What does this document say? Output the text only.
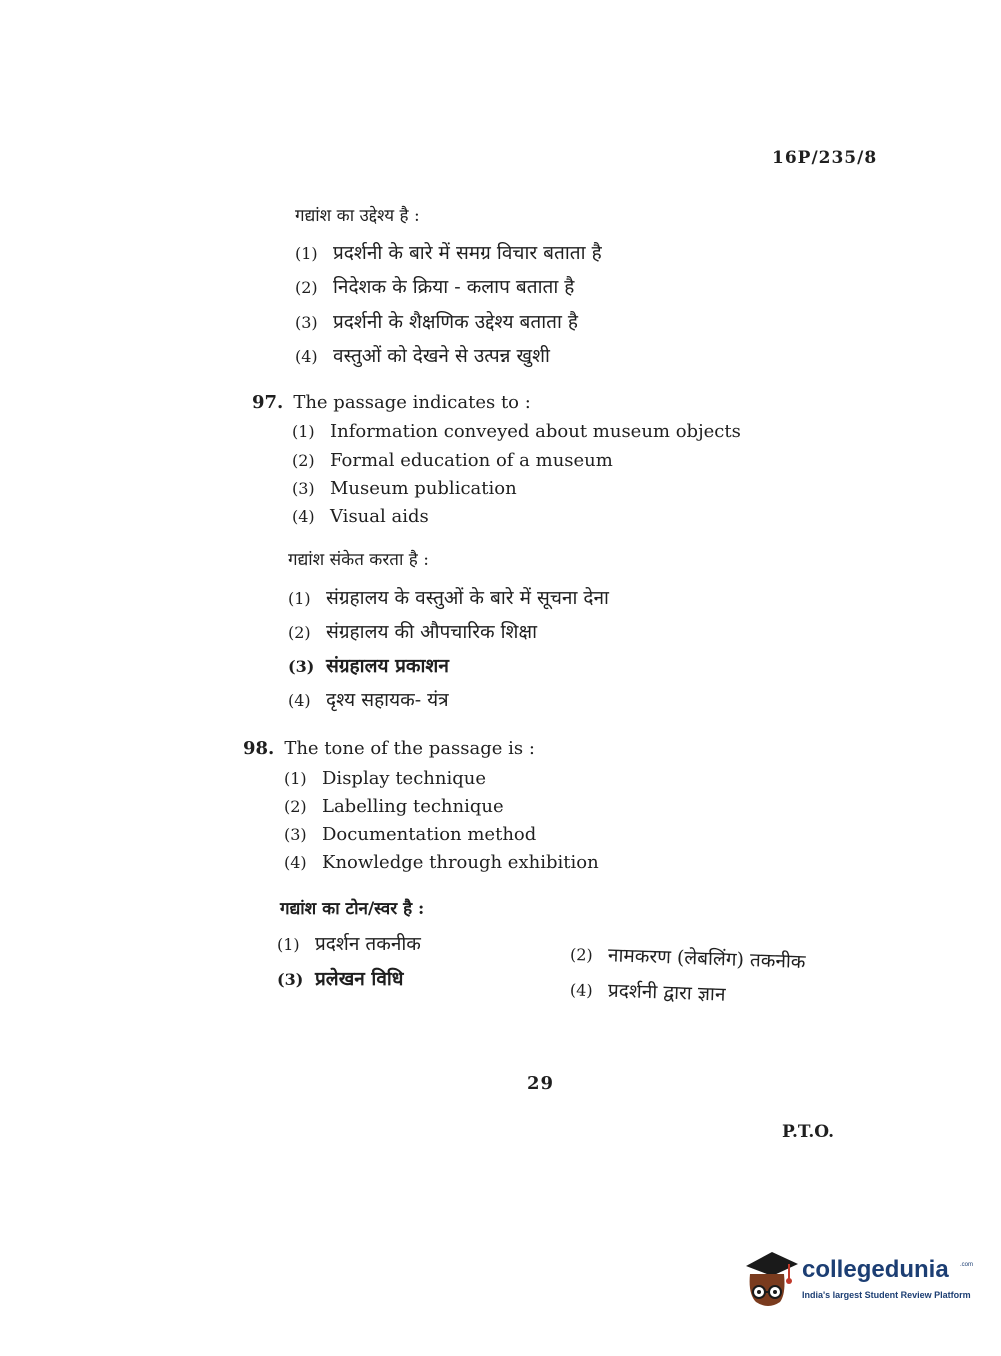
16P/235/8
गद्यांश का उद्देश्य है :
(1) प्रदर्शनी के बारे में समग्र विचार बताता है
(2) निदेशक के क्रिया - कलाप बताता है
(3) प्रदर्शनी के शैक्षणिक उद्देश्य बताता है
(4) वस्तुओं को देखने से उत्पन्न खुशी
97. The passage indicates to :
(1) Information conveyed about museum objects
(2) Formal education of a museum
(3) Museum publication
(4) Visual aids
गद्यांश संकेत करता है :
(1) संग्रहालय के वस्तुओं के बारे में सूचना देना
(2) संग्रहालय की औपचारिक शिक्षा
(3) संग्रहालय प्रकाशन
(4) दृश्य सहायक- यंत्र
98. The tone of the passage is :
(1) Display technique
(2) Labelling technique
(3) Documentation method
(4) Knowledge through exhibition
गद्यांश का टोन/स्वर है :
(1) प्रदर्शन तकनीक
(3) प्रलेखन विधि
(2) नामकरण (लेबलिंग) तकनीक
(4) प्रदर्शनी द्वारा ज्ञान
29
P.T.O.
collegedunia .com
India's largest Student Review Platform
